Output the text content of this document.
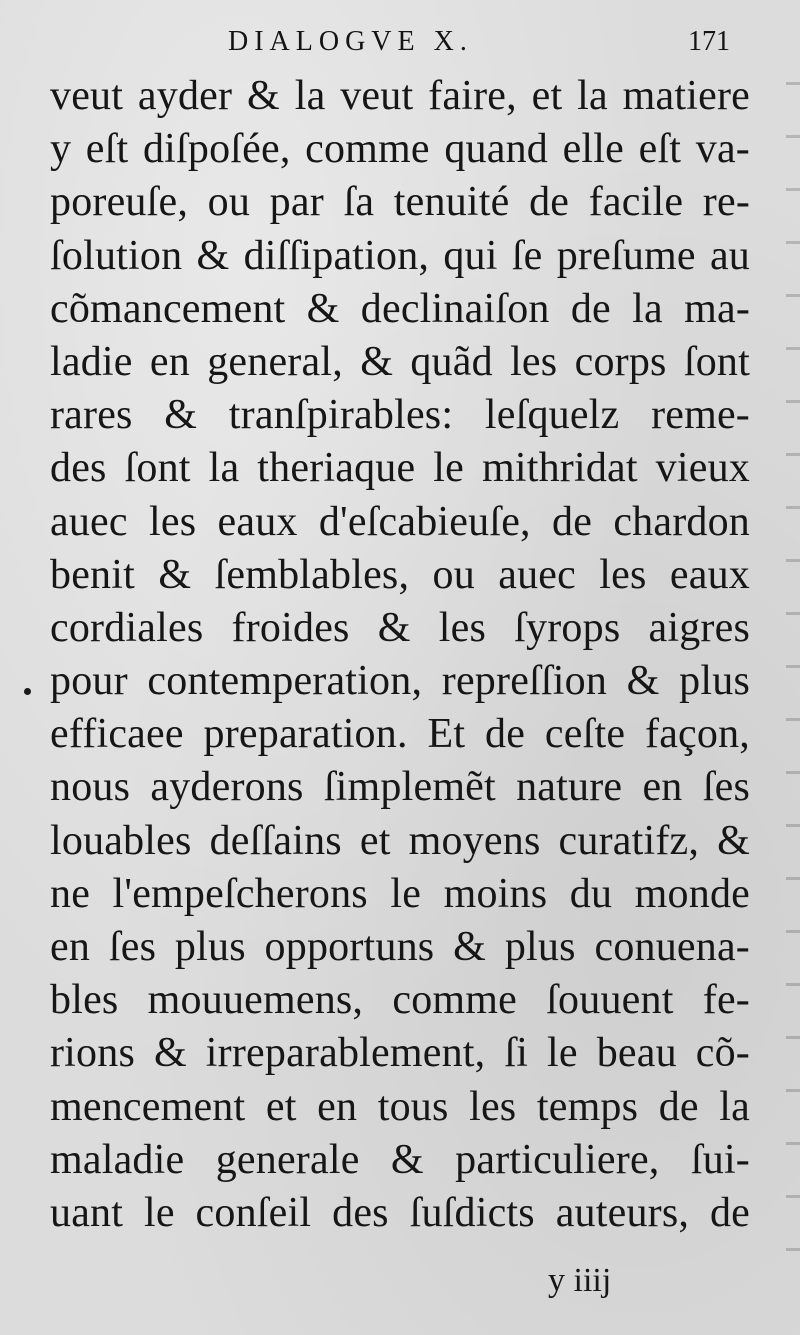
DIALOGVE X.	171
veut ayder & la veut faire, et la matiere
y eſt diſpoſée, comme quand elle eſt va-
poreuſe, ou par ſa tenuité de facile re-
ſolution & diſſipation, qui ſe preſume au
cõmancement & declinaiſon de la ma-
ladie en general, & quãd les corps ſont
rares & tranſpirables: leſquelz reme-
des ſont la theriaque le mithridat vieux
auec les eaux d'eſcabieuſe, de chardon
benit & ſemblables, ou auec les eaux
cordiales froides & les ſyrops aigres
pour contemperation, repreſſion & plus
efficaee preparation. Et de ceſte façon,
nous ayderons ſimplemẽt nature en ſes
louables deſſains et moyens curatifz, &
ne l'empeſcherons le moins du monde
en ſes plus opportuns & plus conuena-
bles mouuemens, comme ſouuent fe-
rions & irreparablement, ſi le beau cõ-
mencement et en tous les temps de la
maladie generale & particuliere, ſui-
uant le conſeil des ſuſdicts auteurs, de
y iiij
